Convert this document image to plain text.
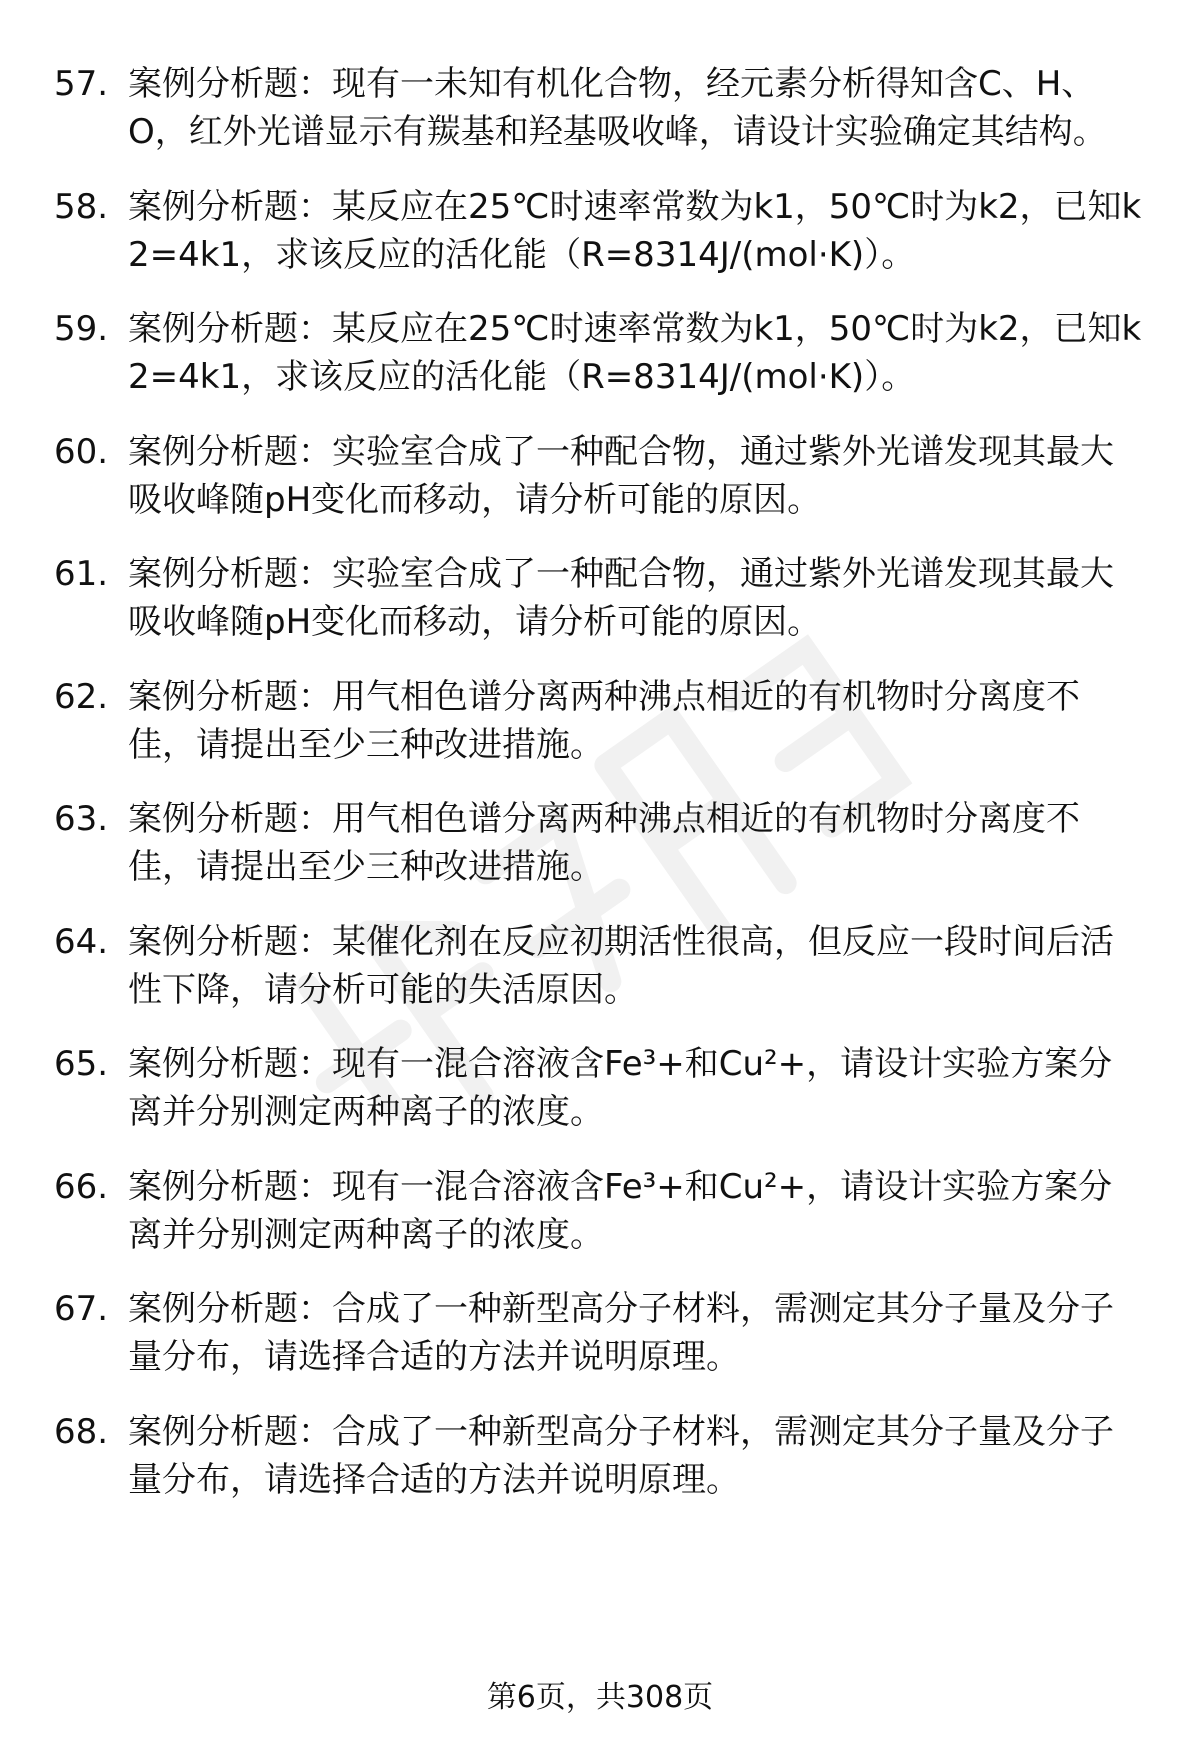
57. 案例分析题：现有一未知有机化合物，经元素分析得知含C、H、O，红外光谱显示有羰基和羟基吸收峰，请设计实验确定其结构。
58. 案例分析题：某反应在25℃时速率常数为k1，50℃时为k2，已知k2=4k1，求该反应的活化能（R=8314J/(mol·K)）。
59. 案例分析题：某反应在25℃时速率常数为k1，50℃时为k2，已知k2=4k1，求该反应的活化能（R=8314J/(mol·K)）。
60. 案例分析题：实验室合成了一种配合物，通过紫外光谱发现其最大吸收峰随pH变化而移动，请分析可能的原因。
61. 案例分析题：实验室合成了一种配合物，通过紫外光谱发现其最大吸收峰随pH变化而移动，请分析可能的原因。
62. 案例分析题：用气相色谱分离两种沸点相近的有机物时分离度不佳，请提出至少三种改进措施。
63. 案例分析题：用气相色谱分离两种沸点相近的有机物时分离度不佳，请提出至少三种改进措施。
64. 案例分析题：某催化剂在反应初期活性很高，但反应一段时间后活性下降，请分析可能的失活原因。
65. 案例分析题：现有一混合溶液含Fe³+和Cu²+，请设计实验方案分离并分别测定两种离子的浓度。
66. 案例分析题：现有一混合溶液含Fe³+和Cu²+，请设计实验方案分离并分别测定两种离子的浓度。
67. 案例分析题：合成了一种新型高分子材料，需测定其分子量及分子量分布，请选择合适的方法并说明原理。
68. 案例分析题：合成了一种新型高分子材料，需测定其分子量及分子量分布，请选择合适的方法并说明原理。
第6页，共308页
